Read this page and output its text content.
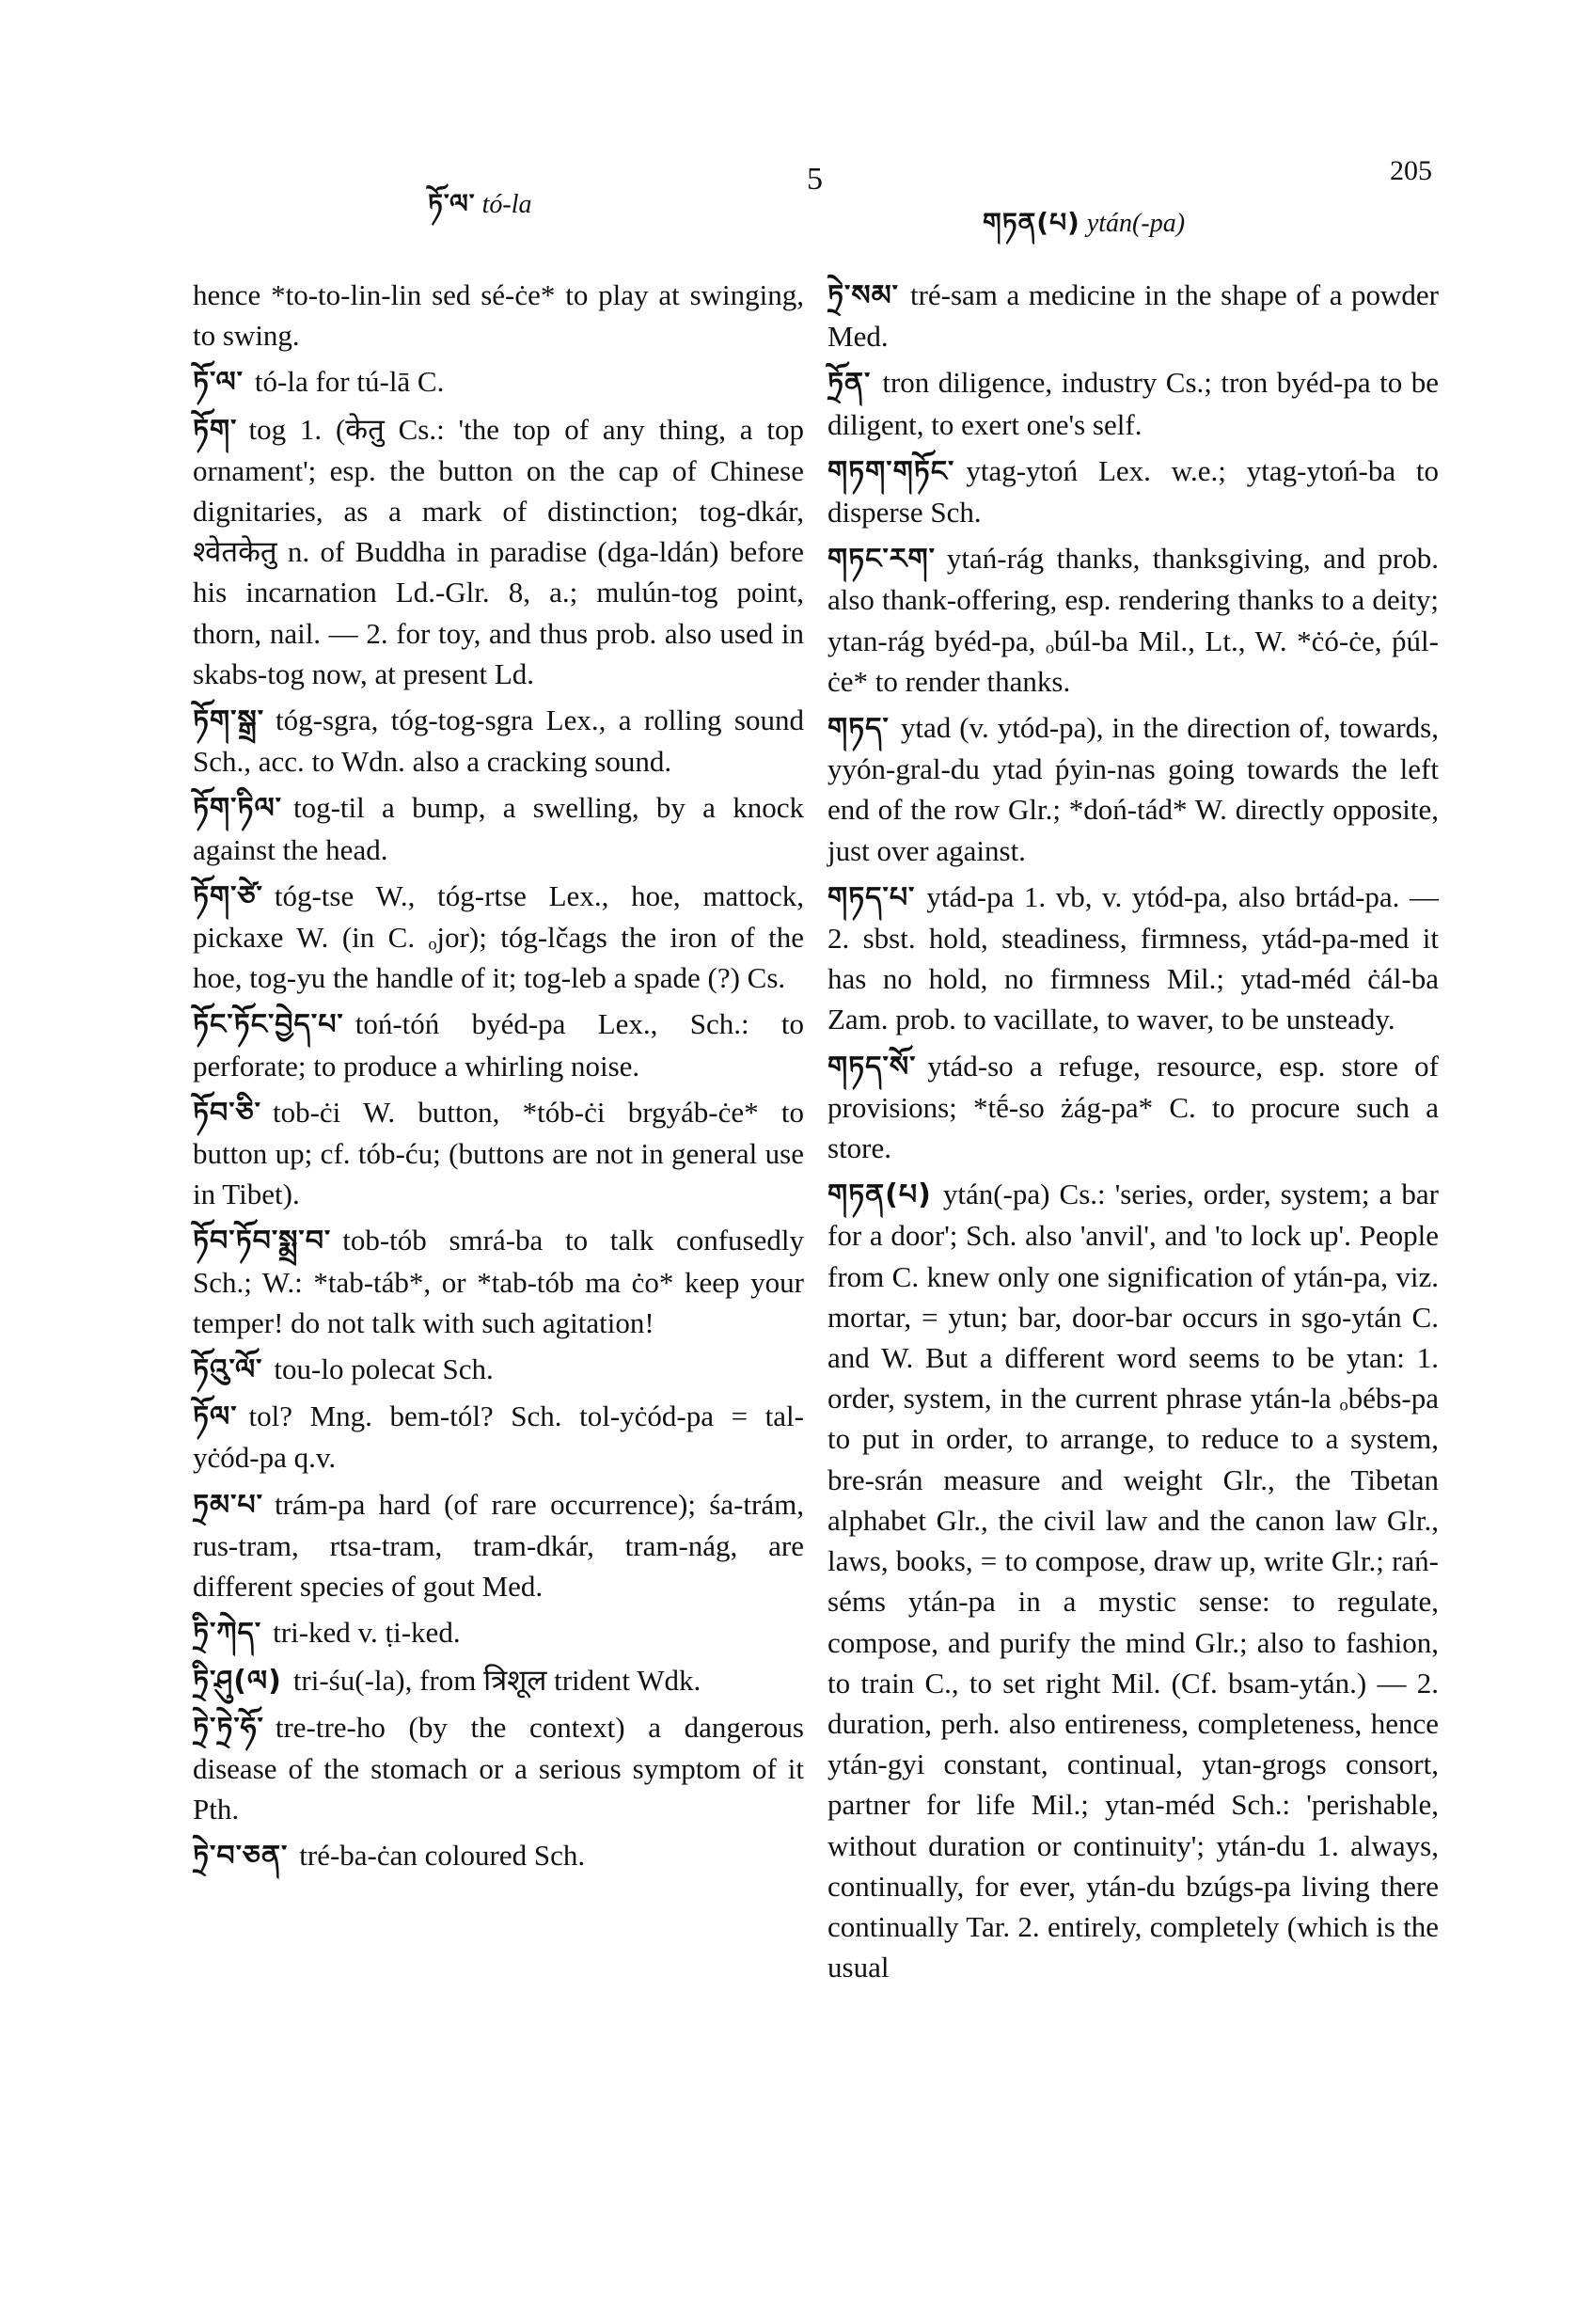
ཏོ་ལ་ tó-la
5
གཏན(པ) ytán(-pa)
205

hence *to-to-lin-lin sed sé-ċe* to play at swinging, to swing.

ཏོ་ལ་ tó-la for tú-lā C.

ཏོག་ tog 1. (केतु Cs.: 'the top of any thing, a top ornament'; esp. the button on the cap of Chinese dignitaries, as a mark of distinction; tog-dkár, श्वेतकेतु n. of Buddha in paradise (dga-ldán) before his incarnation Ld.-Glr. 8, a.; mulún-tog point, thorn, nail. — 2. for toy, and thus prob. also used in skabs-tog now, at present Ld.

ཏོག་སྒྲ་ tóg-sgra, tóg-tog-sgra Lex., a rolling sound Sch., acc. to Wdn. also a cracking sound.

ཏོག་ཏིལ་ tog-til a bump, a swelling, by a knock against the head.

ཏོག་ཙེ་ tóg-tse W., tóg-rtse Lex., hoe, mattock, pickaxe W. (in C. ₒjor); tóg-lčags the iron of the hoe, tog-yu the handle of it; tog-leb a spade (?) Cs.

ཏོང་ཏོང་བྱེད་པ་ toń-tóń byéd-pa Lex., Sch.: to perforate; to produce a whirling noise.

ཏོབ་ཅི་ tob-ċi W. button, *tób-ċi brgyáb-ċe* to button up; cf. tób-ću; (buttons are not in general use in Tibet).

ཏོབ་ཏོབ་སྨྲ་བ་ tob-tób smrá-ba to talk confusedly Sch.; W.: *tab-táb*, or *tab-tób ma ċo* keep your temper! do not talk with such agitation!

ཏོའུ་ལོ་ tou-lo polecat Sch.

ཏོལ་ tol? Mng. bem-tól? Sch. tol-yċód-pa = tal-yċód-pa q.v.

ཏྲམ་པ་ trám-pa hard (of rare occurrence); śa-trám, rus-tram, rtsa-tram, tram-dkár, tram-nág, are different species of gout Med.

ཏྲི་ཀེད་ tri-ked v. ṭi-ked.

ཏྲི་ཤུ(ལ) tri-śu(-la), from त्रिशूल trident Wdk.

ཏྲེ་ཏྲེ་ཧོ་ tre-tre-ho (by the context) a dangerous disease of the stomach or a serious symptom of it Pth.

ཏྲེ་བ་ཅན་ tré-ba-ċan coloured Sch.

ཏྲེ་སམ་ tré-sam a medicine in the shape of a powder Med.

ཏྲོན་ tron diligence, industry Cs.; tron byéd-pa to be diligent, to exert one's self.

གཏག་གཏོང་ ytag-ytoń Lex. w.e.; ytag-ytoń-ba to disperse Sch.

གཏང་རག་ ytań-rág thanks, thanksgiving, and prob. also thank-offering, esp. rendering thanks to a deity; ytan-rág byéd-pa, ₒbúl-ba Mil., Lt., W. *ċó-ċe, ṕúl-ċe* to render thanks.

གཏད་ ytad (v. ytód-pa), in the direction of, towards, yyón-gral-du ytad ṕyin-nas going towards the left end of the row Glr.; *doń-tád* W. directly opposite, just over against.

གཏད་པ་ ytád-pa 1. vb, v. ytód-pa, also brtád-pa. — 2. sbst. hold, steadiness, firmness, ytád-pa-med it has no hold, no firmness Mil.; ytad-méd ċál-ba Zam. prob. to vacillate, to waver, to be unsteady.

གཏད་སོ་ ytád-so a refuge, resource, esp. store of provisions; *tḗ-so żág-pa* C. to procure such a store.

གཏན(པ) ytán(-pa) Cs.: 'series, order, system; a bar for a door'; Sch. also 'anvil', and 'to lock up'. People from C. knew only one signification of ytán-pa, viz. mortar, = ytun; bar, door-bar occurs in sgo-ytán C. and W. But a different word seems to be ytan: 1. order, system, in the current phrase ytán-la ₒbébs-pa to put in order, to arrange, to reduce to a system, bre-srán measure and weight Glr., the Tibetan alphabet Glr., the civil law and the canon law Glr., laws, books, = to compose, draw up, write Glr.; rań-séms ytán-pa in a mystic sense: to regulate, compose, and purify the mind Glr.; also to fashion, to train C., to set right Mil. (Cf. bsam-ytán.) — 2. duration, perh. also entireness, completeness, hence ytán-gyi constant, continual, ytan-grogs consort, partner for life Mil.; ytan-méd Sch.: 'perishable, without duration or continuity'; ytán-du 1. always, continually, for ever, ytán-du bzúgs-pa living there continually Tar. 2. entirely, completely (which is the usual
